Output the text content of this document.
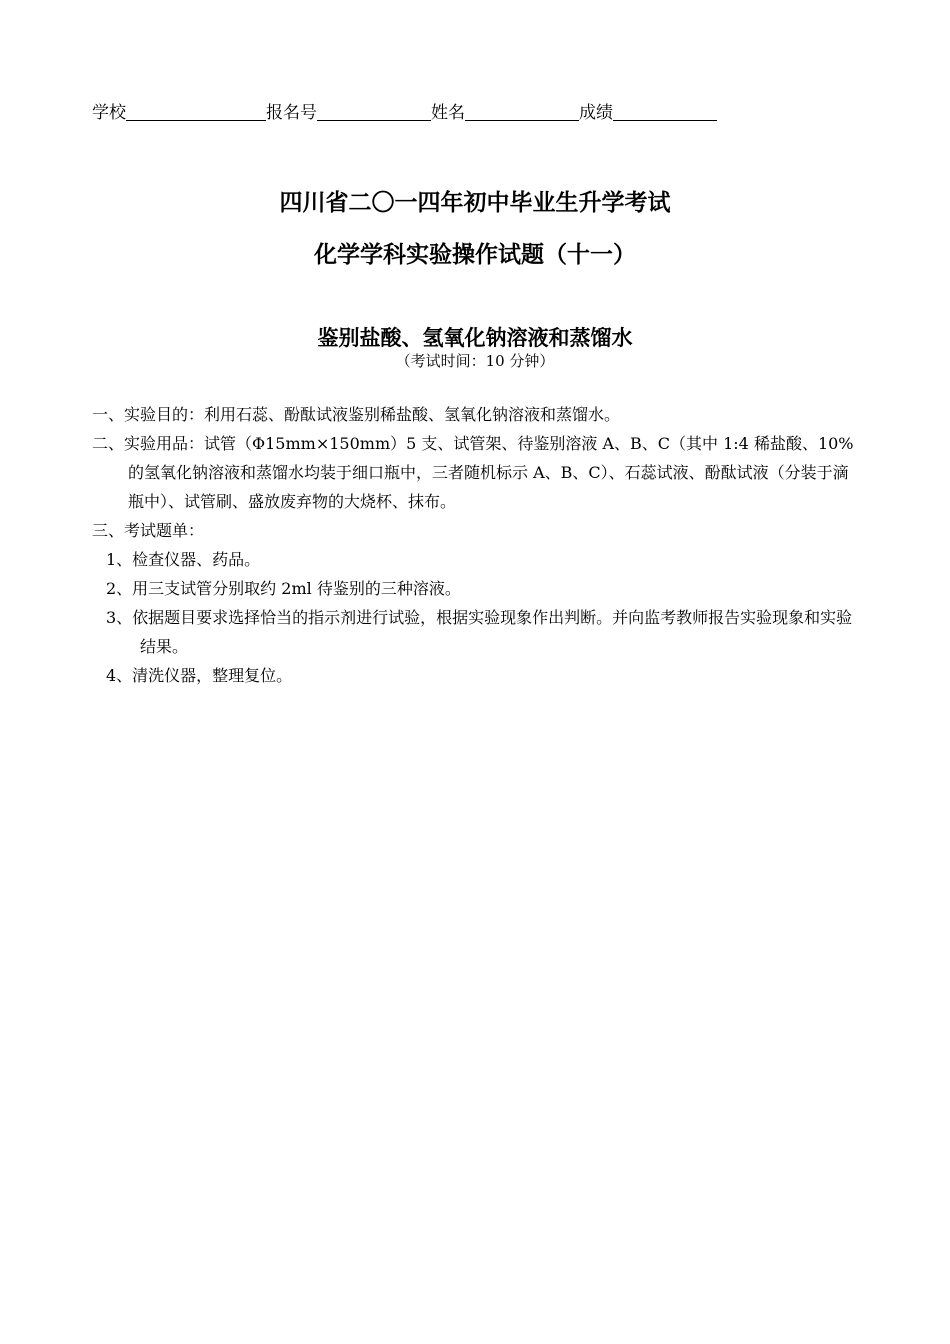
学校	报名号	姓名	成绩
四川省二〇一四年初中毕业生升学考试
化学学科实验操作试题（十一）
鉴别盐酸、氢氧化钠溶液和蒸馏水
（考试时间：10 分钟）

一、实验目的：利用石蕊、酚酞试液鉴别稀盐酸、氢氧化钠溶液和蒸馏水。

二、实验用品：试管（Φ15mm×150mm）5 支、试管架、待鉴别溶液 A、B、C（其中 1:4 稀盐酸、10%的氢氧化钠溶液和蒸馏水均装于细口瓶中，三者随机标示 A、B、C）、石蕊试液、酚酞试液（分装于滴瓶中）、试管刷、盛放废弃物的大烧杯、抹布。

三、考试题单：

1、检查仪器、药品。

2、用三支试管分别取约 2ml 待鉴别的三种溶液。

3、依据题目要求选择恰当的指示剂进行试验，根据实验现象作出判断。并向监考教师报告实验现象和实验结果。

4、清洗仪器，整理复位。
